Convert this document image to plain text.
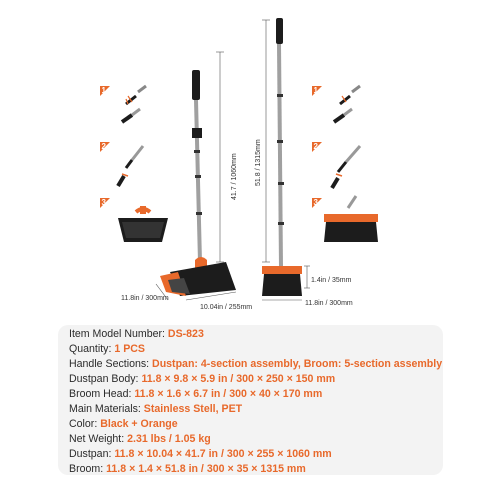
1
2
3
41.7 / 1060mm
11.8in / 300mm
10.04in / 255mm
51.8 / 1315mm
1.4in / 35mm
11.8in / 300mm
1
2
3
Item Model Number: DS-823
Quantity: 1 PCS
Handle Sections: Dustpan: 4-section assembly, Broom: 5-section assembly
Dustpan Body: 11.8 × 9.8 × 5.9 in / 300 × 250 × 150 mm
Broom Head: 11.8 × 1.6 × 6.7 in / 300 × 40 × 170 mm
Main Materials: Stainless Stell, PET
Color: Black + Orange
Net Weight: 2.31 lbs / 1.05 kg
Dustpan: 11.8 × 10.04 × 41.7 in / 300 × 255 × 1060 mm
Broom: 11.8 × 1.4 × 51.8 in / 300 × 35 × 1315 mm
